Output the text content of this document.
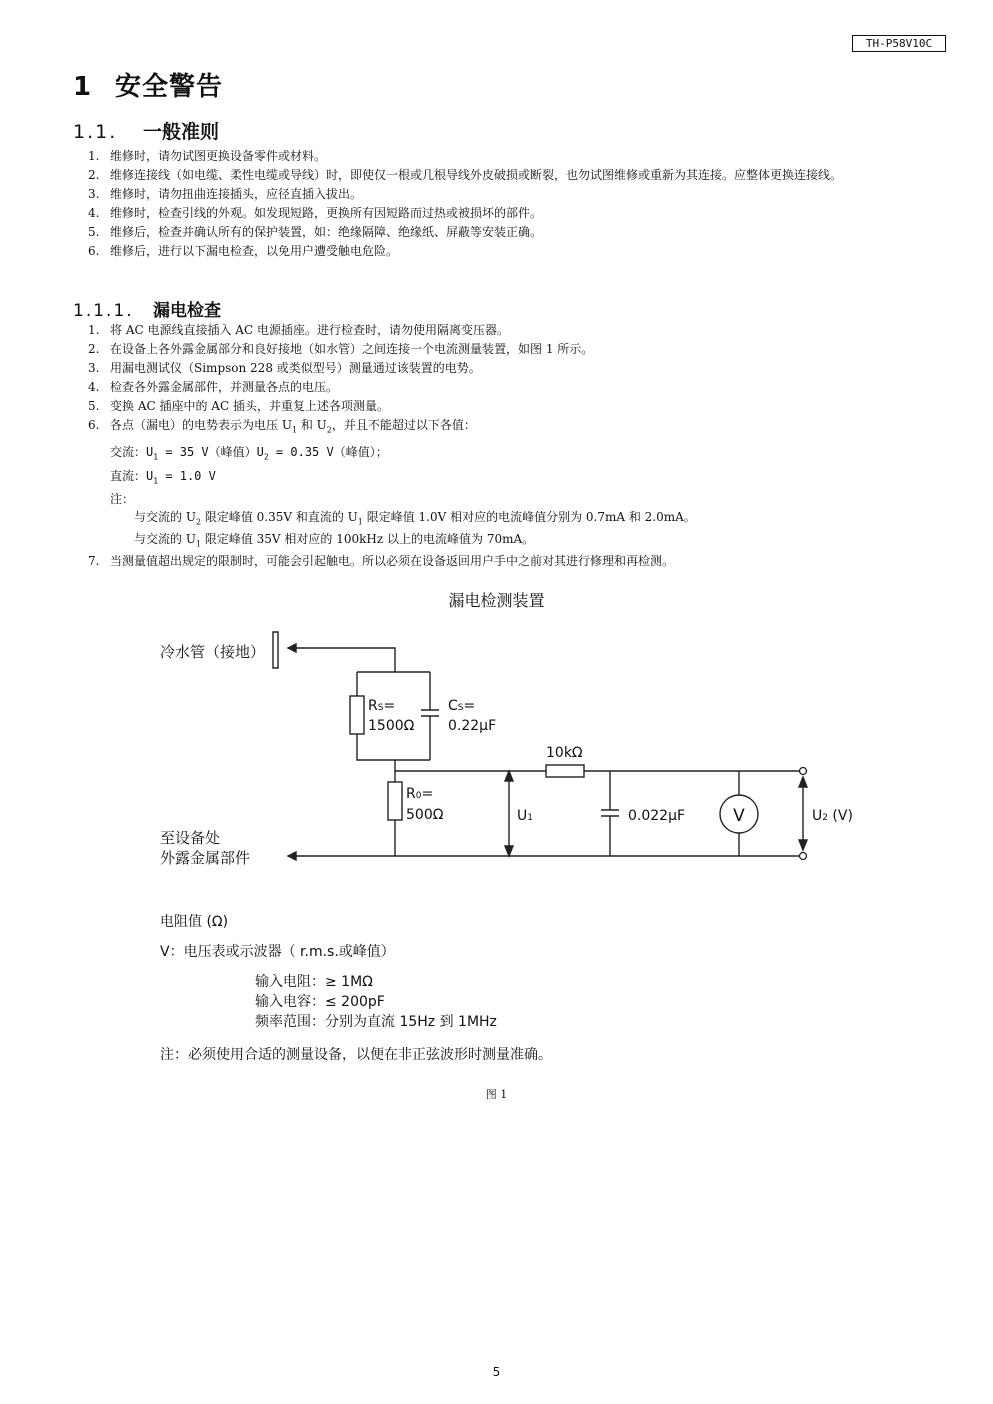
TH-P58V10C
1 安全警告
1.1. 一般准则
1. 维修时，请勿试图更换设备零件或材料。
2. 维修连接线（如电缆、柔性电缆或导线）时，即使仅一根或几根导线外皮破损或断裂，也勿试图维修或重新为其连接。应整体更换连接线。
3. 维修时，请勿扭曲连接插头，应径直插入拔出。
4. 维修时，检查引线的外观。如发现短路，更换所有因短路而过热或被损坏的部件。
5. 维修后，检查并确认所有的保护装置，如：绝缘隔障、绝缘纸、屏蔽等安装正确。
6. 维修后，进行以下漏电检查，以免用户遭受触电危险。
1.1.1. 漏电检查
1. 将 AC 电源线直接插入 AC 电源插座。进行检查时，请勿使用隔离变压器。
2. 在设备上各外露金属部分和良好接地（如水管）之间连接一个电流测量装置，如图 1 所示。
3. 用漏电测试仪（Simpson 228 或类似型号）测量通过该装置的电势。
4. 检查各外露金属部件，并测量各点的电压。
5. 变换 AC 插座中的 AC 插头，并重复上述各项测量。
6. 各点（漏电）的电势表示为电压 $U_1$ 和 $U_2$，并且不能超过以下各值：
交流：$U_1 = 35$ V（峰值）$U_2 = 0.35$ V（峰值）；
直流：$U_1 = 1.0$ V
注：
与交流的 $U_2$ 限定峰值 0.35V 和直流的 $U_1$ 限定峰值 1.0V 相对应的电流峰值分别为 0.7mA 和 2.0mA。
与交流的 $U_1$ 限定峰值 35V 相对应的 100kHz 以上的电流峰值为 70mA。
7. 当测量值超出规定的限制时，可能会引起触电。所以必须在设备返回用户手中之前对其进行修理和再检测。
漏电检测装置
冷水管（接地）
RS=
1500Ω
CS=
0.22μF
10kΩ
R0=
500Ω	U1	0.022μF	V	U2 (V)
至设备处
外露金属部件
电阻值 (Ω)
V：电压表或示波器（ r.m.s.或峰值）
输入电阻：≥ 1MΩ
输入电容：≤ 200pF
频率范围：分别为直流 15Hz 到 1MHz
注：必须使用合适的测量设备，以便在非正弦波形时测量准确。
图 1
5
